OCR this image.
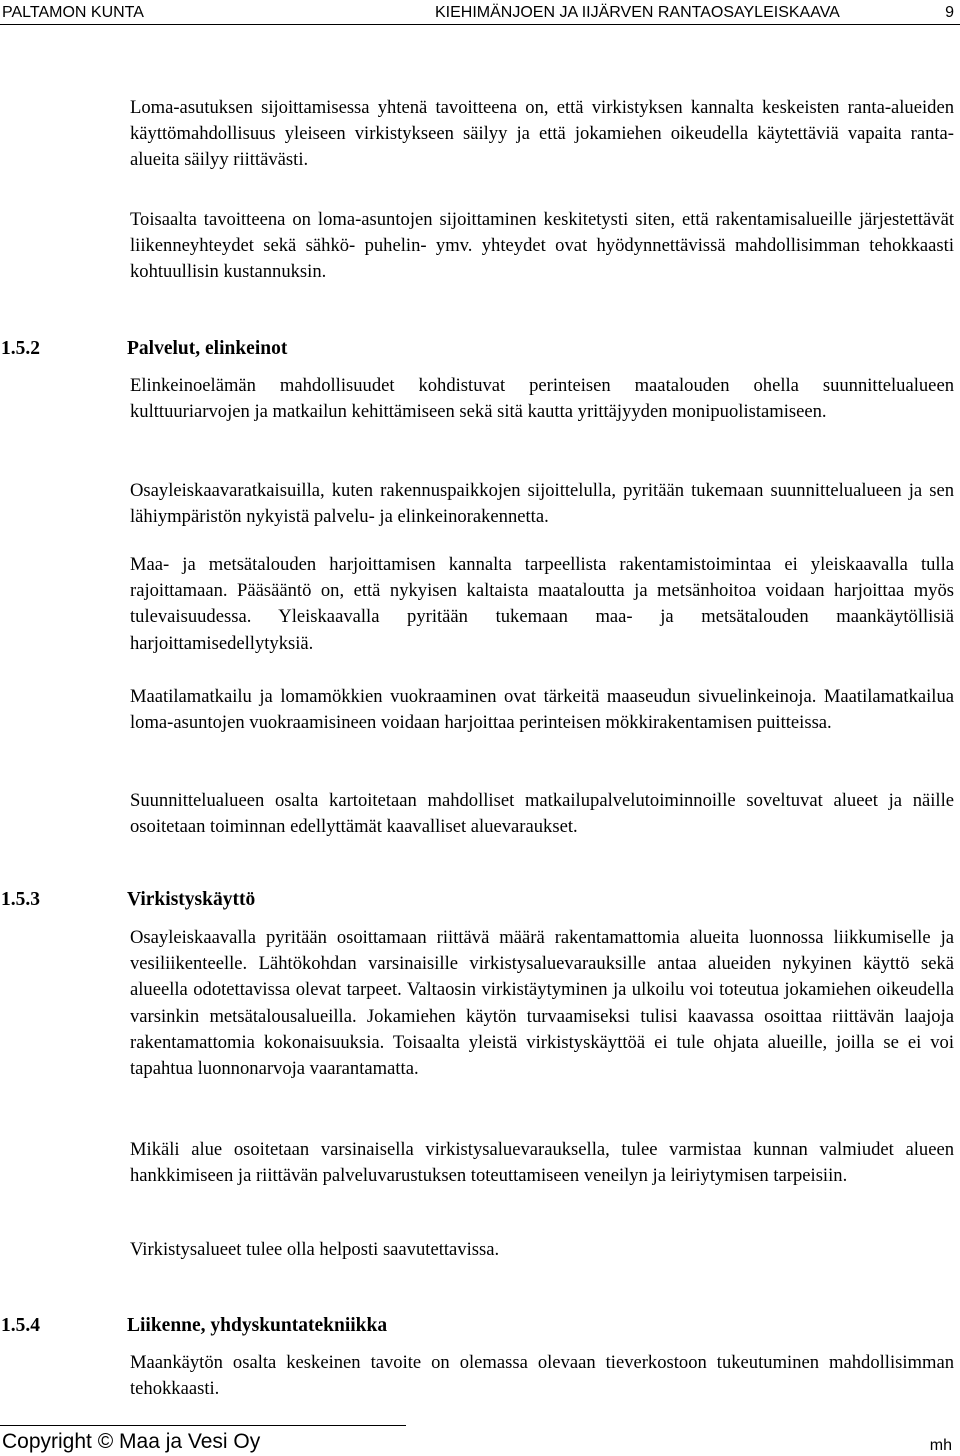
PALTAMON KUNTA	KIEHIMÄNJOEN JA IIJÄRVEN RANTAOSAYLEISKAAVA	9

Loma-asutuksen sijoittamisessa yhtenä tavoitteena on, että virkistyksen kannalta keskeisten ranta-alueiden käyttömahdollisuus yleiseen virkistykseen säilyy ja että jokamiehen oikeudella käytettäviä vapaita ranta-alueita säilyy riittävästi.

Toisaalta tavoitteena on loma-asuntojen sijoittaminen keskitetysti siten, että rakentamisalueille järjestettävät liikenneyhteydet sekä sähkö- puhelin- ymv. yhteydet ovat hyödynnettävissä mahdollisimman tehokkaasti kohtuullisin kustannuksin.

1.5.2	Palvelut, elinkeinot

Elinkeinoelämän mahdollisuudet kohdistuvat perinteisen maatalouden ohella suunnittelualueen kulttuuriarvojen ja matkailun kehittämiseen sekä sitä kautta yrittäjyyden monipuolistamiseen.

Osayleiskaavaratkaisuilla, kuten rakennuspaikkojen sijoittelulla, pyritään tukemaan suunnittelualueen ja sen lähiympäristön nykyistä palvelu- ja elinkeinorakennetta.

Maa- ja metsätalouden harjoittamisen kannalta tarpeellista rakentamistoimintaa ei yleiskaavalla tulla rajoittamaan. Pääsääntö on, että nykyisen kaltaista maataloutta ja metsänhoitoa voidaan harjoittaa myös tulevaisuudessa. Yleiskaavalla pyritään tukemaan maa- ja metsätalouden maankäytöllisiä harjoittamisedellytyksiä.

Maatilamatkailu ja lomamökkien vuokraaminen ovat tärkeitä maaseudun sivuelinkeinoja. Maatilamatkailua loma-asuntojen vuokraamisineen voidaan harjoittaa perinteisen mökkirakentamisen puitteissa.

Suunnittelualueen osalta kartoitetaan mahdolliset matkailupalvelutoiminnoille soveltuvat alueet ja näille osoitetaan toiminnan edellyttämät kaavalliset aluevaraukset.

1.5.3	Virkistyskäyttö

Osayleiskaavalla pyritään osoittamaan riittävä määrä rakentamattomia alueita luonnossa liikkumiselle ja vesiliikenteelle. Lähtökohdan varsinaisille virkistysaluevarauksille antaa alueiden nykyinen käyttö sekä alueella odotettavissa olevat tarpeet. Valtaosin virkistäytyminen ja ulkoilu voi toteutua jokamiehen oikeudella varsinkin metsätalousalueilla. Jokamiehen käytön turvaamiseksi tulisi kaavassa osoittaa riittävän laajoja rakentamattomia kokonaisuuksia. Toisaalta yleistä virkistyskäyttöä ei tule ohjata alueille, joilla se ei voi tapahtua luonnonarvoja vaarantamatta.

Mikäli alue osoitetaan varsinaisella virkistysaluevarauksella, tulee varmistaa kunnan valmiudet alueen hankkimiseen ja riittävän palveluvarustuksen toteuttamiseen veneilyn ja leiriytymisen tarpeisiin.

Virkistysalueet tulee olla helposti saavutettavissa.

1.5.4	Liikenne, yhdyskuntatekniikka

Maankäytön osalta keskeinen tavoite on olemassa olevaan tieverkostoon tukeutuminen mahdollisimman tehokkaasti.

Copyright © Maa ja Vesi Oy	mh
